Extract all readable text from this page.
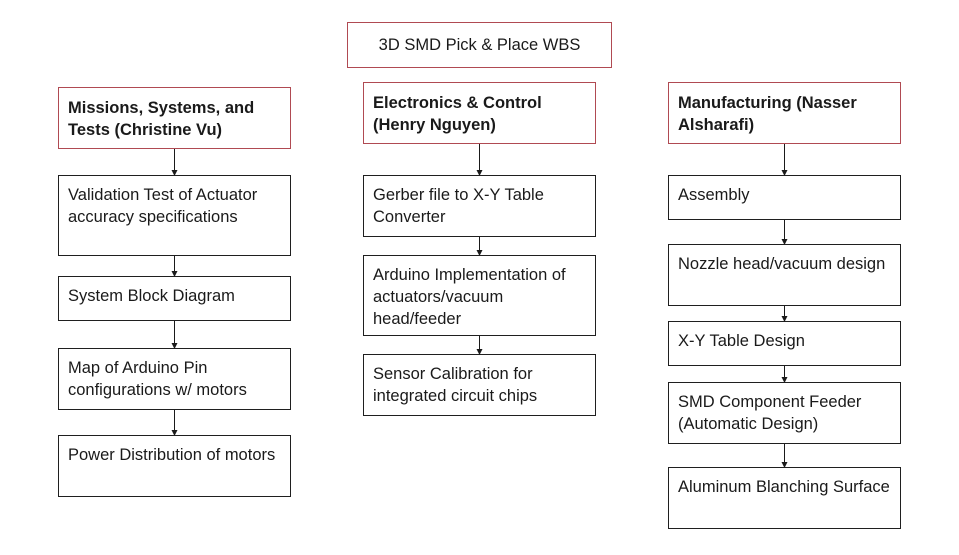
3D SMD Pick & Place WBS
Missions, Systems, and Tests (Christine Vu)
Validation Test of Actuator accuracy specifications
System Block Diagram
Map of Arduino Pin configurations w/ motors
Power Distribution of motors
Electronics & Control (Henry Nguyen)
Gerber file to X-Y Table Converter
Arduino Implementation of actuators/vacuum head/feeder
Sensor Calibration for integrated circuit chips
Manufacturing (Nasser Alsharafi)
Assembly
Nozzle head/vacuum design
X-Y Table Design
SMD Component Feeder (Automatic Design)
Aluminum Blanching Surface
